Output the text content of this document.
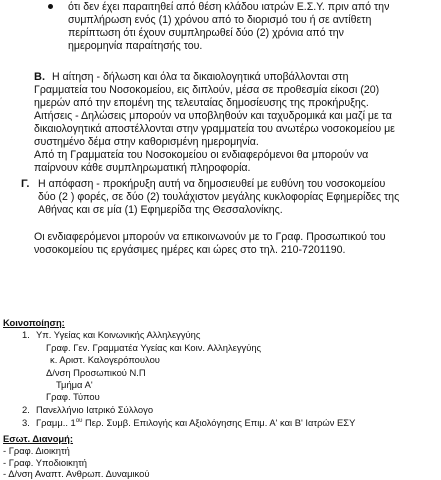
ότι δεν έχει παραιτηθεί από θέση κλάδου ιατρών Ε.Σ.Υ. πριν από την
συμπλήρωση ενός (1) χρόνου από το διορισμό του ή σε αντίθετη
περίπτωση ότι έχουν συμπληρωθεί δύο (2) χρόνια από την
ημερομηνία παραίτησής του.
Β. Η αίτηση - δήλωση και όλα τα δικαιολογητικά υποβάλλονται στη
Γραμματεία του Νοσοκομείου, εις διπλούν, μέσα σε προθεσμία είκοσι (20)
ημερών από την επομένη της τελευταίας δημοσίευσης της προκήρυξης.
Αιτήσεις - Δηλώσεις μπορούν να υποβληθούν και ταχυδρομικά και μαζί με τα
δικαιολογητικά αποστέλλονται στην γραμματεία του ανωτέρω νοσοκομείου με
συστημένο δέμα στην καθορισμένη ημερομηνία.
Από τη Γραμματεία του Νοσοκομείου οι ενδιαφερόμενοι θα μπορούν να
παίρνουν κάθε συμπληρωματική πληροφορία.
Γ. Η απόφαση - προκήρυξη αυτή να δημοσιευθεί με ευθύνη του νοσοκομείου
δύο (2 ) φορές, σε δύο (2) τουλάχιστον μεγάλης κυκλοφορίας Εφημερίδες της
Αθήνας και σε μία (1) Εφημερίδα της Θεσσαλονίκης.
Οι ενδιαφερόμενοι μπορούν να επικοινωνούν με το Γραφ. Προσωπικού του
νοσοκομείου τις εργάσιμες ημέρες και ώρες στο τηλ. 210-7201190.
Κοινοποίηση:
1. Υπ. Υγείας και Κοινωνικής Αλληλεγγύης
Γραφ. Γεν. Γραμματέα Υγείας και Κοιν. Αλληλεγγύης
κ. Αριστ. Καλογερόπουλου
Δ/νση Προσωπικού Ν.Π
Τμήμα Α'
Γραφ. Τύπου
2. Πανελλήνιο Ιατρικό Σύλλογο
3. Γραμμ.. $1^{o\upsilon}$ Περ. Συμβ. Επιλογής και Αξιολόγησης Επιμ. Α' και Β' Ιατρών ΕΣΥ
Εσωτ. Διανομή:
- Γραφ. Διοικητή
- Γραφ. Υποδιοικητή
- Δ/νση Αναπτ. Ανθρωπ. Δυναμικού
